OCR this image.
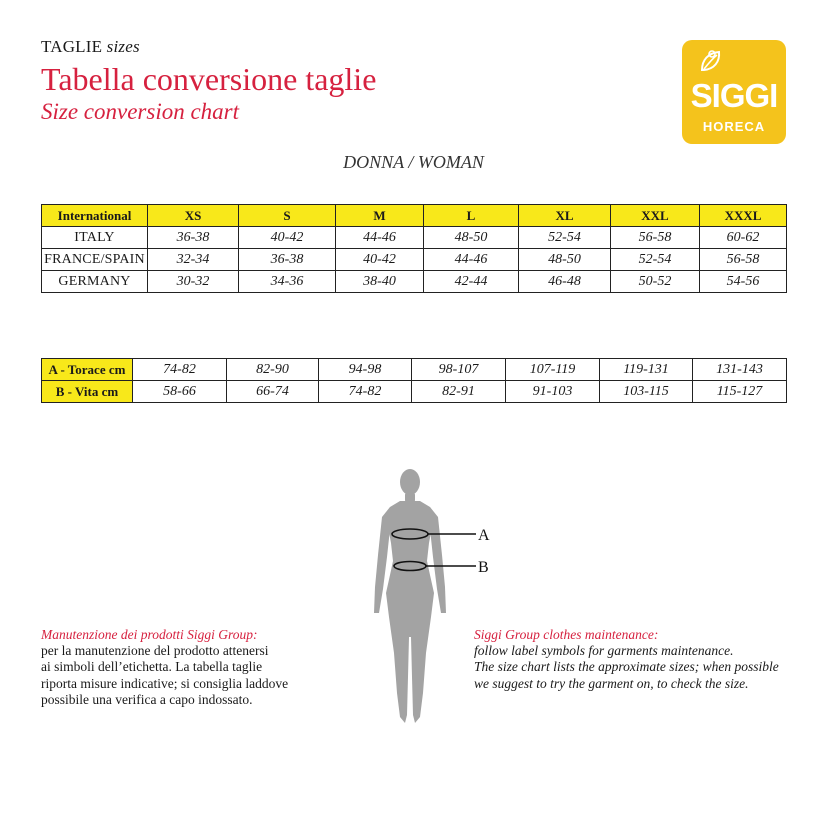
TAGLIE sizes
Tabella conversione taglie
Size conversion chart	SIGGI
HORECA
DONNA / WOMAN
International	XS	S	M	L	XL	XXL	XXXL
ITALY	36-38	40-42	44-46	48-50	52-54	56-58	60-62
FRANCE/SPAIN	32-34	36-38	40-42	44-46	48-50	52-54	56-58
GERMANY	30-32	34-36	38-40	42-44	46-48	50-52	54-56
A - Torace cm	74-82	82-90	94-98	98-107	107-119	119-131	131-143
B - Vita cm	58-66	66-74	74-82	82-91	91-103	103-115	115-127
A
B
Manutenzione dei prodotti Siggi Group:
per la manutenzione del prodotto attenersi
ai simboli dell’etichetta. La tabella taglie
riporta misure indicative; si consiglia laddove
possibile una verifica a capo indossato.
Siggi Group clothes maintenance:
follow label symbols for garments maintenance.
The size chart lists the approximate sizes; when possible
we suggest to try the garment on, to check the size.
